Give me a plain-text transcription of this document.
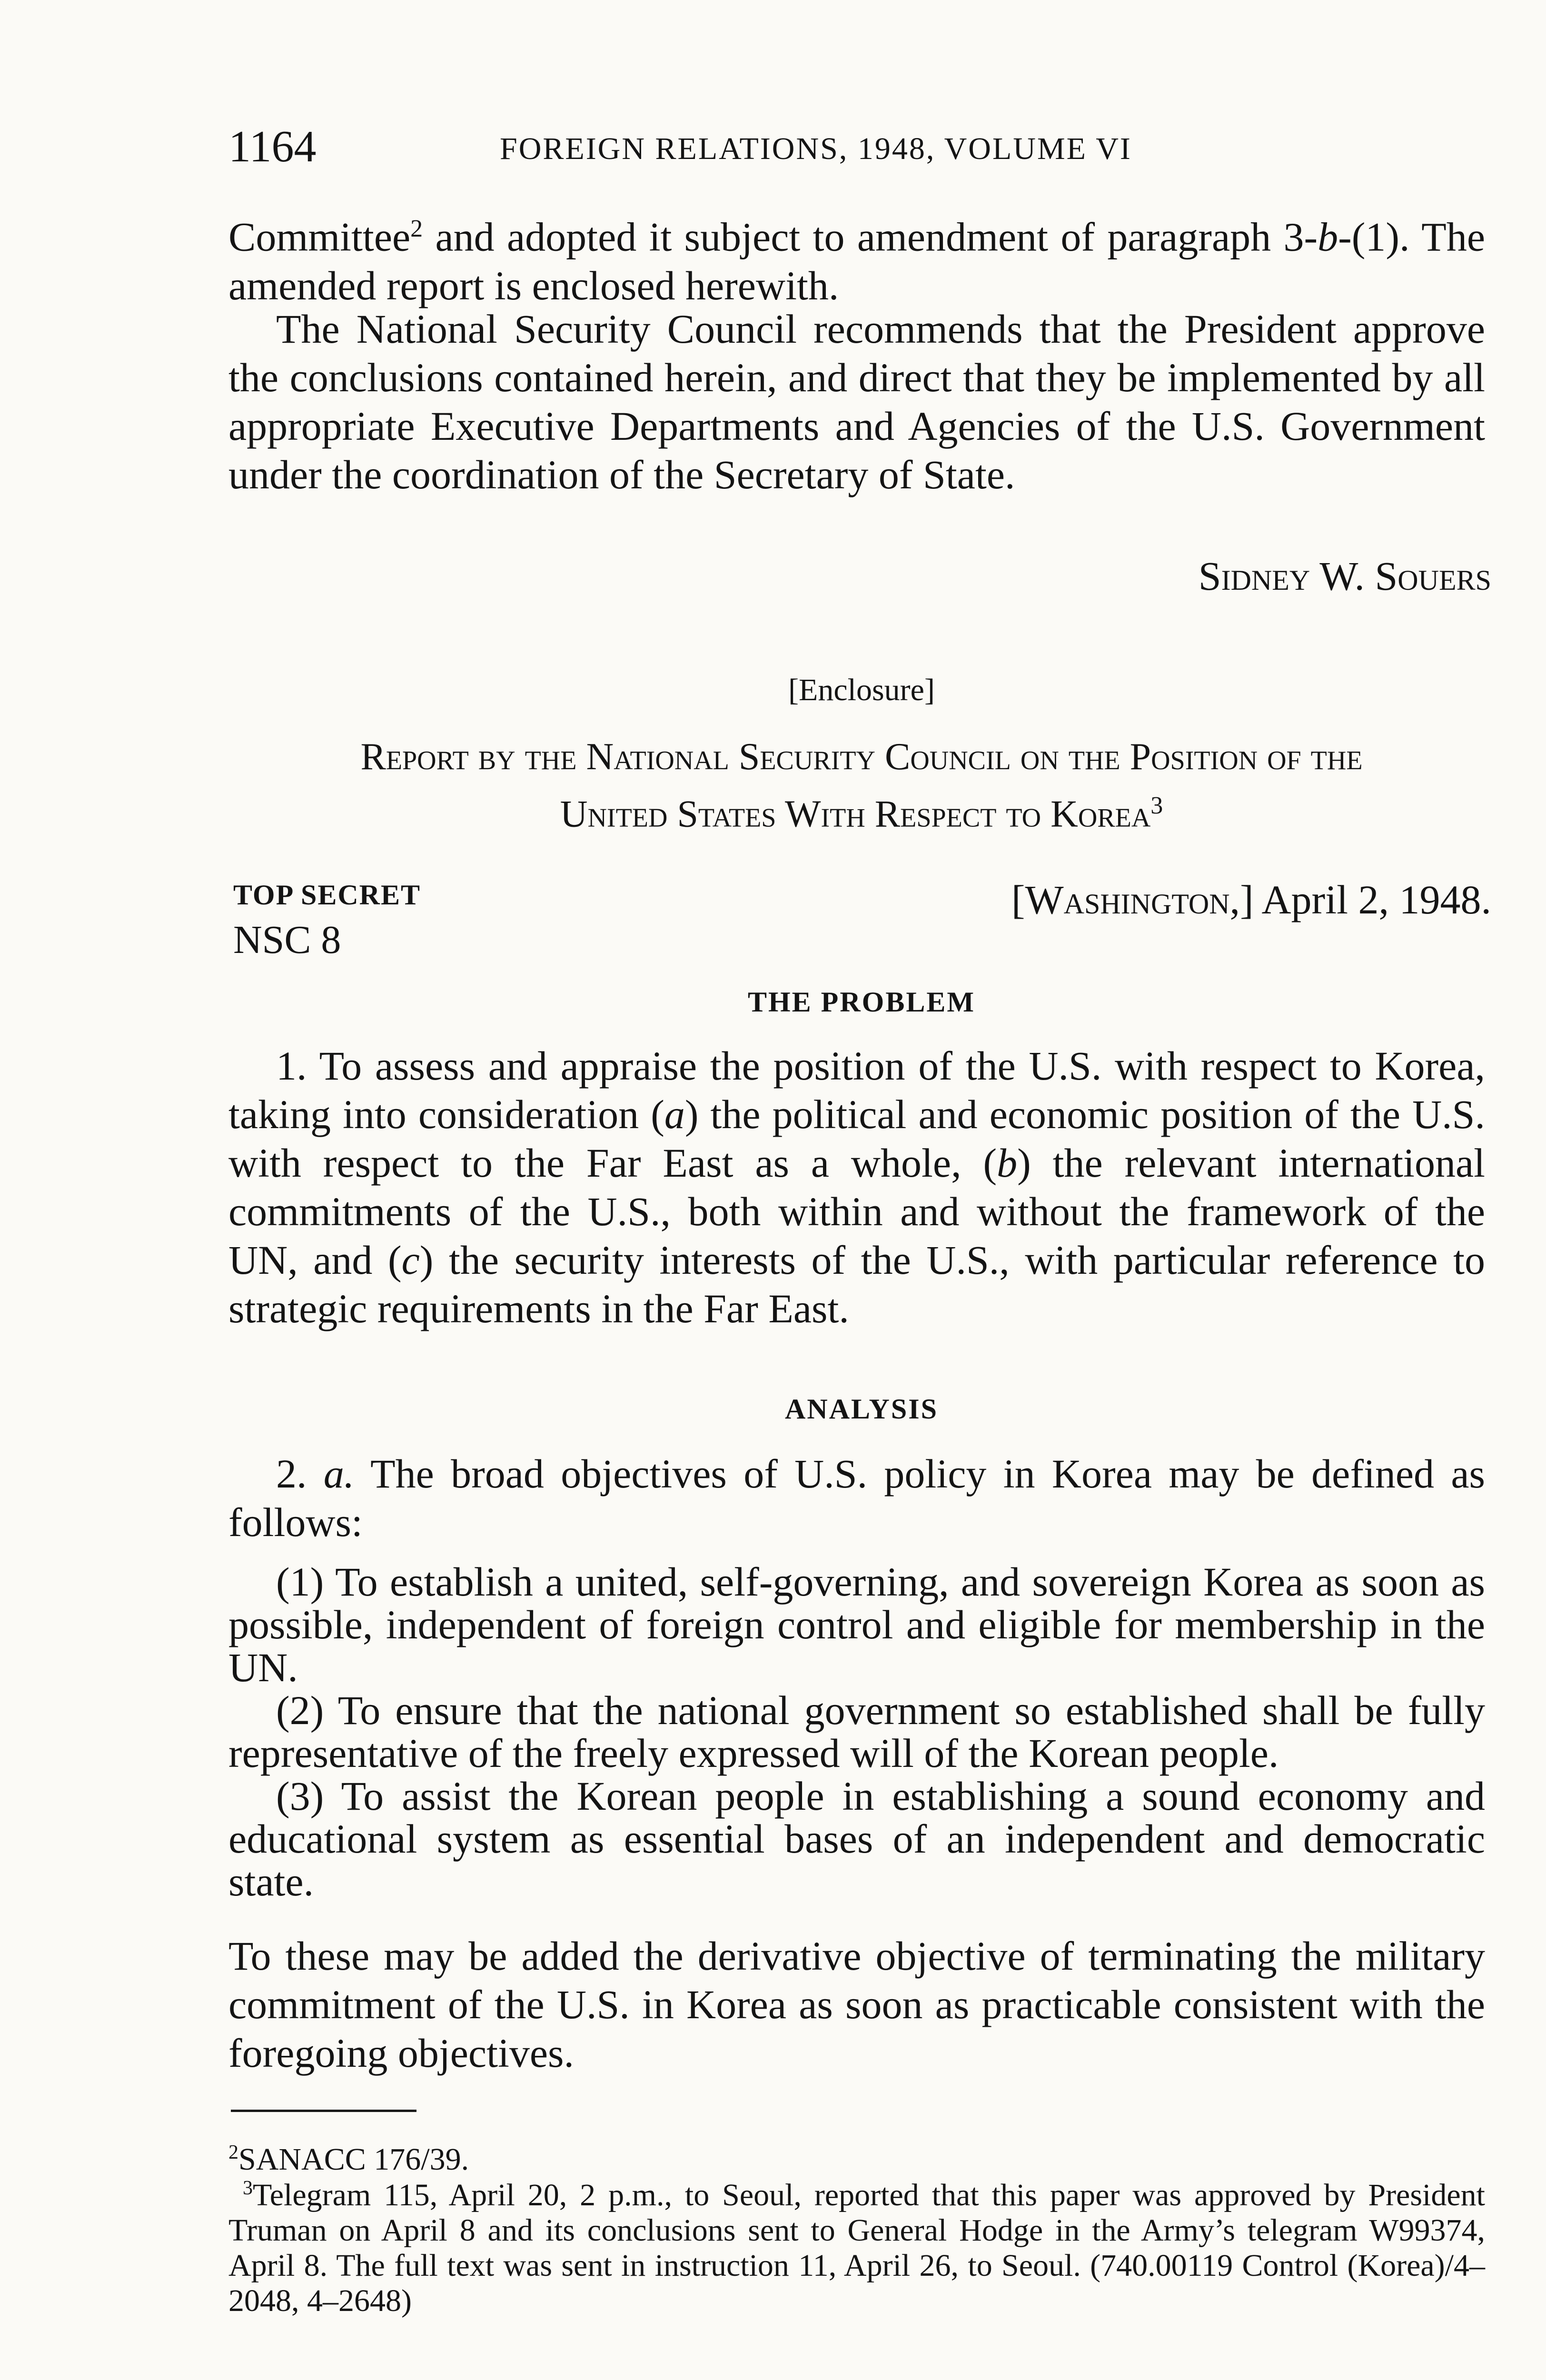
1164	FOREIGN RELATIONS, 1948, VOLUME VI
Committee$^2$ and adopted it subject to amendment of paragraph 3-b-(1). The amended report is enclosed herewith.
The National Security Council recommends that the President approve the conclusions contained herein, and direct that they be implemented by all appropriate Executive Departments and Agencies of the U.S. Government under the coordination of the Secretary of State.
Sidney W. Souers
[Enclosure]
Report by the National Security Council on the Position of the
United States With Respect to Korea$^3$
TOP SECRET
NSC 8
[Washington,] April 2, 1948.
THE PROBLEM
1. To assess and appraise the position of the U.S. with respect to Korea, taking into consideration (a) the political and economic position of the U.S. with respect to the Far East as a whole, (b) the relevant international commitments of the U.S., both within and without the framework of the UN, and (c) the security interests of the U.S., with particular reference to strategic requirements in the Far East.
ANALYSIS
2. a. The broad objectives of U.S. policy in Korea may be defined as follows:
(1) To establish a united, self-governing, and sovereign Korea as soon as possible, independent of foreign control and eligible for membership in the UN.
(2) To ensure that the national government so established shall be fully representative of the freely expressed will of the Korean people.
(3) To assist the Korean people in establishing a sound economy and educational system as essential bases of an independent and democratic state.
To these may be added the derivative objective of terminating the military commitment of the U.S. in Korea as soon as practicable consistent with the foregoing objectives.
$^2$SANACC 176/39.
$^3$Telegram 115, April 20, 2 p.m., to Seoul, reported that this paper was approved by President Truman on April 8 and its conclusions sent to General Hodge in the Army’s telegram W99374, April 8. The full text was sent in instruction 11, April 26, to Seoul. (740.00119 Control (Korea)/4–2048, 4–2648)
